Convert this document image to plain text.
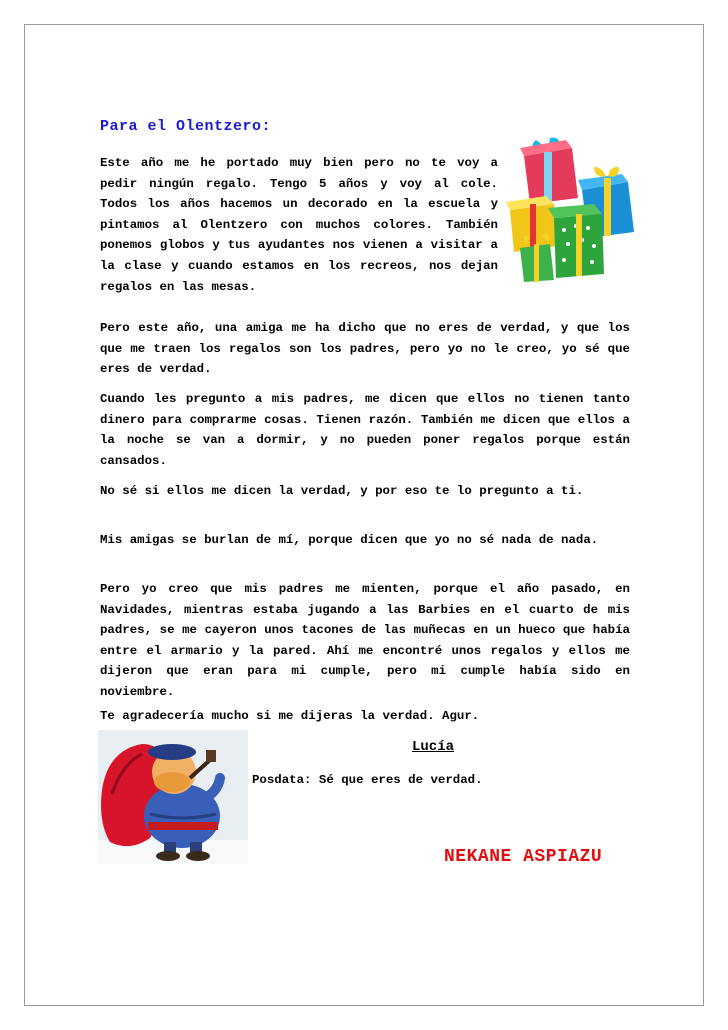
Para el Olentzero:

Este año me he portado muy bien pero no te voy a pedir ningún regalo. Tengo 5 años y voy al cole. Todos los años hacemos un decorado en la escuela y pintamos al Olentzero con muchos colores. También ponemos globos y tus ayudantes nos vienen a visitar a la clase y cuando estamos en los recreos, nos dejan regalos en las mesas.

Pero este año, una amiga me ha dicho que no eres de verdad, y que los que me traen los regalos son los padres, pero yo no le creo, yo sé que eres de verdad.

Cuando les pregunto a mis padres, me dicen que ellos no tienen tanto dinero para comprarme cosas. Tienen razón. También me dicen que ellos a la noche se van a dormir, y no pueden poner regalos porque están cansados.

No sé si ellos me dicen la verdad, y por eso te lo pregunto a ti.

Mis amigas se burlan de mí, porque dicen que yo no sé nada de nada.

Pero yo creo que mis padres me mienten, porque el año pasado, en Navidades, mientras estaba jugando a las Barbies en el cuarto de mis padres, se me cayeron unos tacones de las muñecas en un hueco que había entre el armario y la pared. Ahí me encontré unos regalos y ellos me dijeron que eran para mi cumple, pero mi cumple había sido en noviembre.

Te agradecería mucho si me dijeras la verdad. Agur.

Lucía
Posdata: Sé que eres de verdad.
NEKANE ASPIAZU
